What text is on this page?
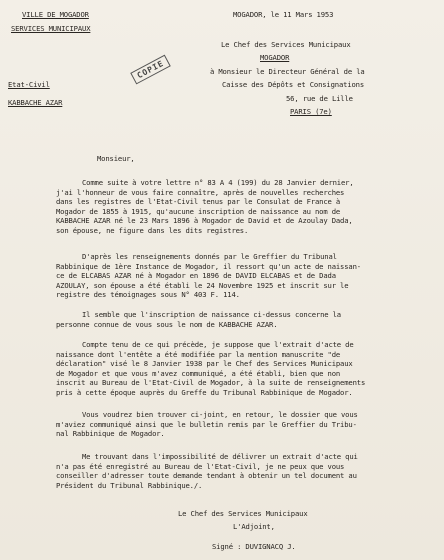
VILLE DE MOGADOR
SERVICES MUNICIPAUX
Etat-Civil
KABBACHE AZAR
MOGADOR, le 11 Mars 1953
COPIE
Le Chef des Services Municipaux
MOGADOR
à Monsieur le Directeur Général de la
Caisse des Dépôts et Consignations
56, rue de Lille
PARIS (7e)
Monsieur,
Comme suite à votre lettre n° 83 A 4 (199) du 28 Janvier dernier,
j'ai l'honneur de vous faire connaître, après de nouvelles recherches
dans les registres de l'Etat-Civil tenus par le Consulat de France à
Mogador de 1855 à 1915, qu'aucune inscription de naissance au nom de
KABBACHE AZAR né le 23 Mars 1896 à Mogador de David et de Azoulay Dada,
son épouse, ne figure dans les dits registres.
D'après les renseignements donnés par le Greffier du Tribunal
Rabbinique de 1ère Instance de Mogador, il ressort qu'un acte de naissan-
ce de ELCABAS AZAR né à Mogador en 1896 de DAVID ELCABAS et de Dada
AZOULAY, son épouse a été établi le 24 Novembre 1925 et inscrit sur le
registre des témoignages sous N° 403 F. 114.
Il semble que l'inscription de naissance ci-dessus concerne la
personne connue de vous sous le nom de KABBACHE AZAR.
Compte tenu de ce qui précède, je suppose que l'extrait d'acte de
naissance dont l'entête a été modifiée par la mention manuscrite "de
déclaration" visé le 8 Janvier 1938 par le Chef des Services Municipaux
de Mogador et que vous m'avez communiqué, a été établi, bien que non
inscrit au Bureau de l'Etat-Civil de Mogador, à la suite de renseignements
pris à cette époque auprès du Greffe du Tribunal Rabbinique de Mogador.
Vous voudrez bien trouver ci-joint, en retour, le dossier que vous
m'aviez communiqué ainsi que le bulletin remis par le Greffier du Tribu-
nal Rabbinique de Mogador.
Me trouvant dans l'impossibilité de délivrer un extrait d'acte qui
n'a pas été enregistré au Bureau de l'Etat-Civil, je ne peux que vous
conseiller d'adresser toute demande tendant à obtenir un tel document au
Président du Tribunal Rabbinique./.
Le Chef des Services Municipaux
L'Adjoint,
Signé : DUVIGNACQ J.
